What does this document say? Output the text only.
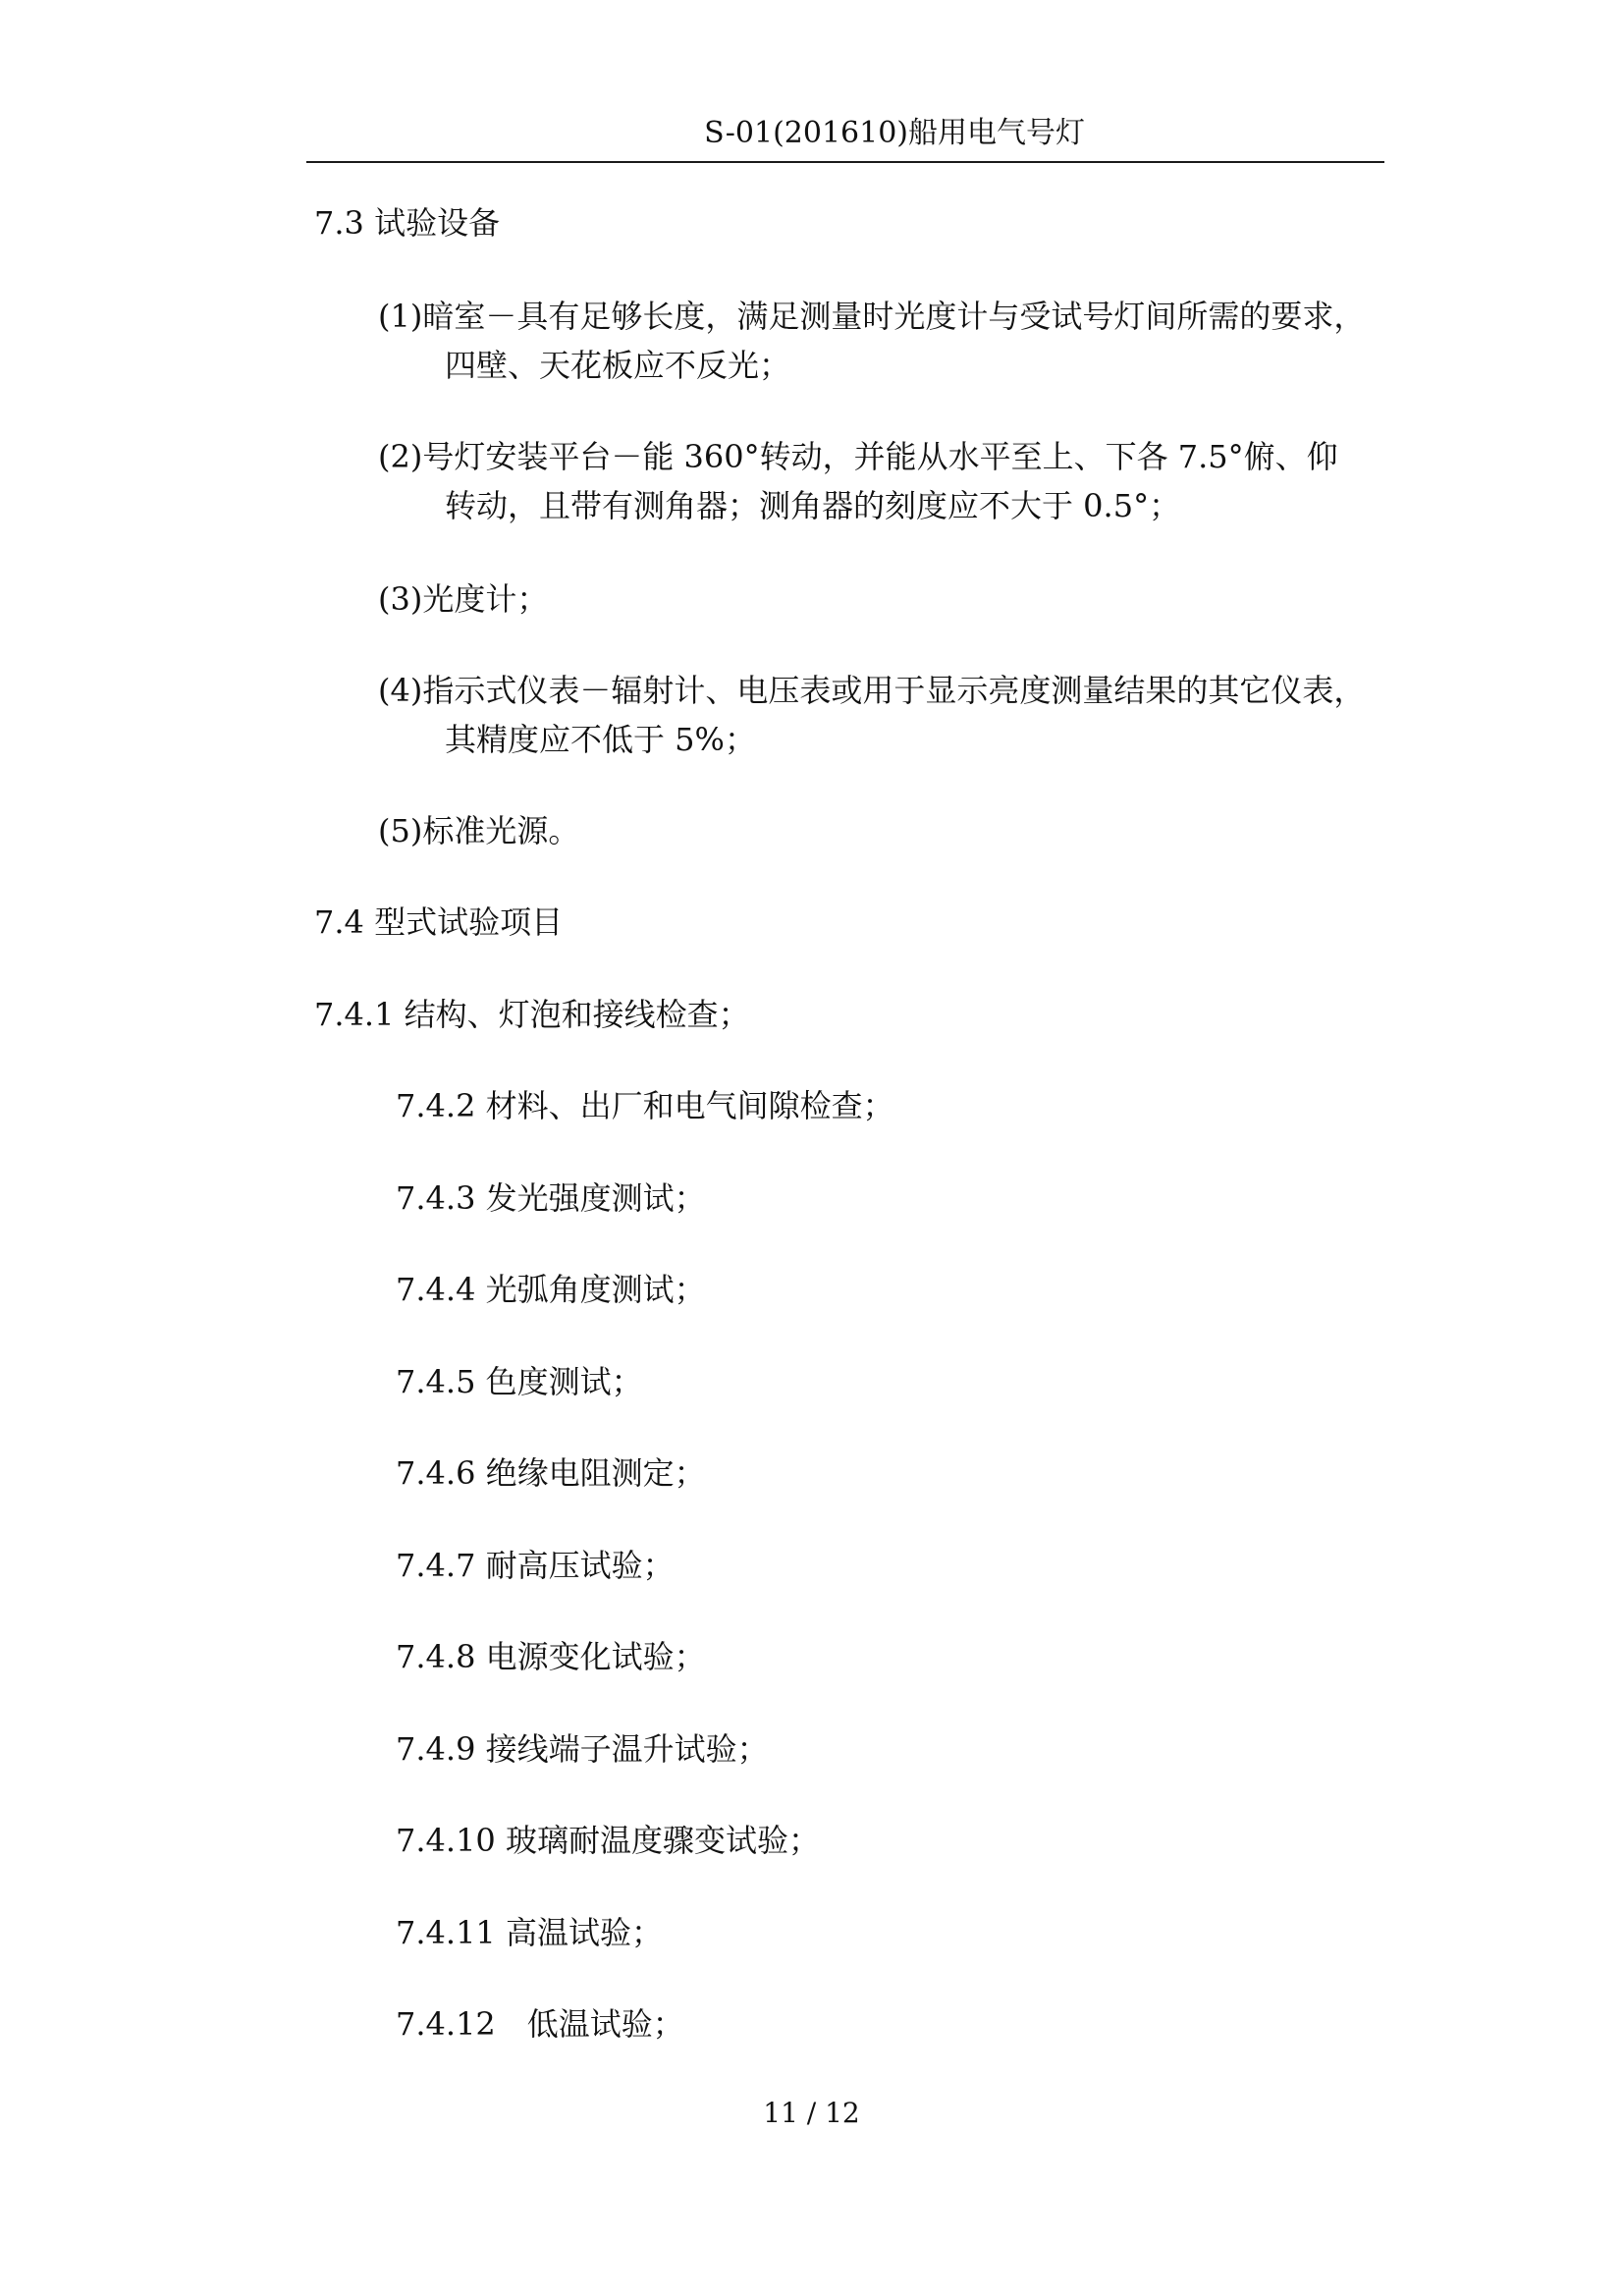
S-01(201610)船用电气号灯
7.3 试验设备
(1)暗室－具有足够长度，满足测量时光度计与受试号灯间所需的要求，
四壁、天花板应不反光；
(2)号灯安装平台－能 360°转动，并能从水平至上、下各 7.5°俯、仰
转动，且带有测角器；测角器的刻度应不大于 0.5°；
(3)光度计；
(4)指示式仪表－辐射计、电压表或用于显示亮度测量结果的其它仪表，
其精度应不低于 5%；
(5)标准光源。
7.4 型式试验项目
7.4.1 结构、灯泡和接线检查；
7.4.2 材料、出厂和电气间隙检查；
7.4.3 发光强度测试；
7.4.4 光弧角度测试；
7.4.5 色度测试；
7.4.6 绝缘电阻测定；
7.4.7 耐高压试验；
7.4.8 电源变化试验；
7.4.9 接线端子温升试验；
7.4.10 玻璃耐温度骤变试验；
7.4.11 高温试验；
7.4.12　低温试验；
11 / 12
